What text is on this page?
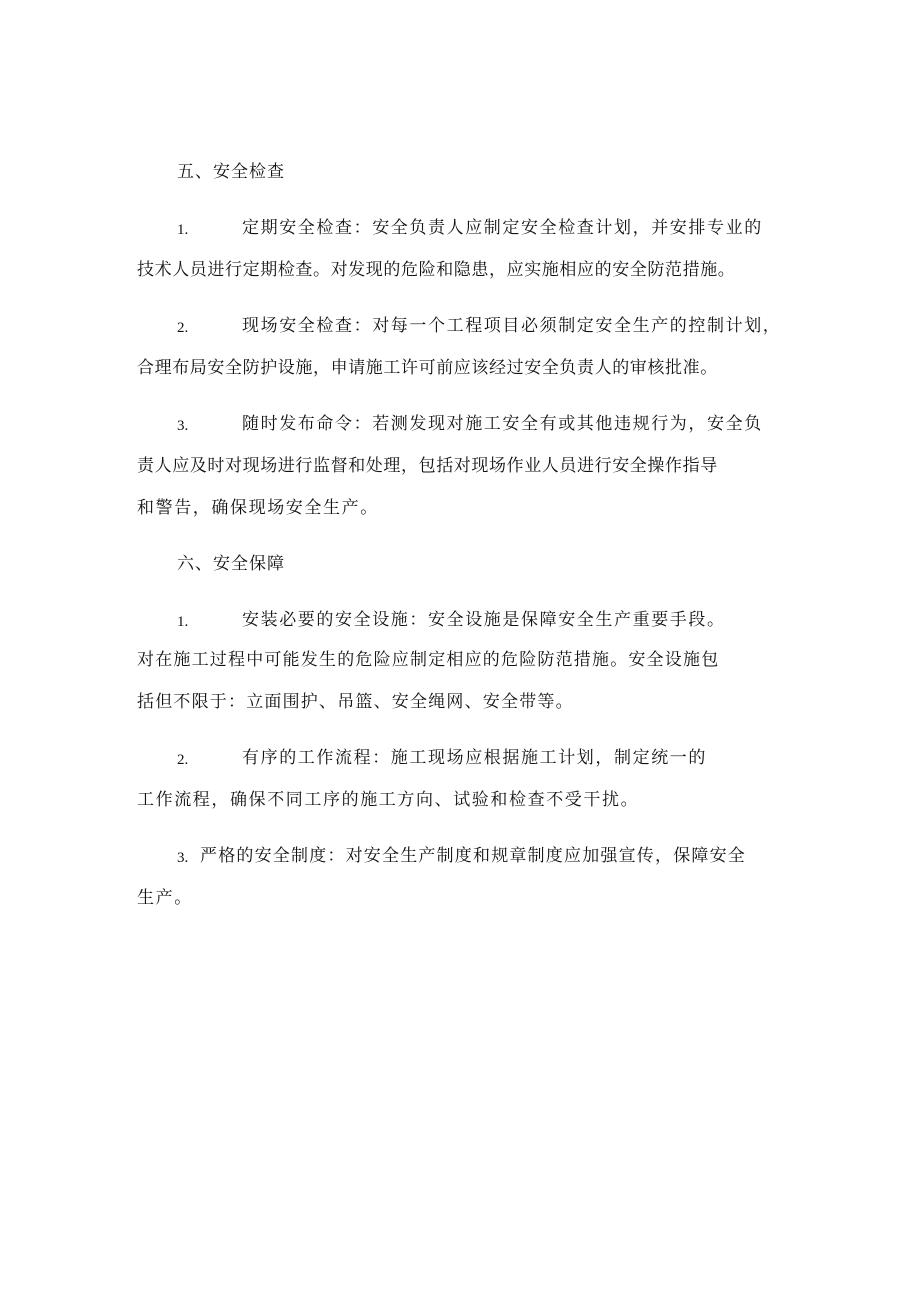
五、安全检查
1.	定期安全检查：安全负责人应制定安全检查计划，并安排专业的
技术人员进行定期检查。对发现的危险和隐患，应实施相应的安全防范措施。
2.	现场安全检查：对每一个工程项目必须制定安全生产的控制计划，
合理布局安全防护设施，申请施工许可前应该经过安全负责人的审核批准。
3.	随时发布命令：若测发现对施工安全有或其他违规行为，安全负
责人应及时对现场进行监督和处理，包括对现场作业人员进行安全操作指导
和警告，确保现场安全生产。
六、安全保障
1.	安装必要的安全设施：安全设施是保障安全生产重要手段。
对在施工过程中可能发生的危险应制定相应的危险防范措施。安全设施包
括但不限于：立面围护、吊篮、安全绳网、安全带等。
2.	有序的工作流程：施工现场应根据施工计划，制定统一的
工作流程，确保不同工序的施工方向、试验和检查不受干扰。
3. 严格的安全制度：对安全生产制度和规章制度应加强宣传，保障安全
生产。
